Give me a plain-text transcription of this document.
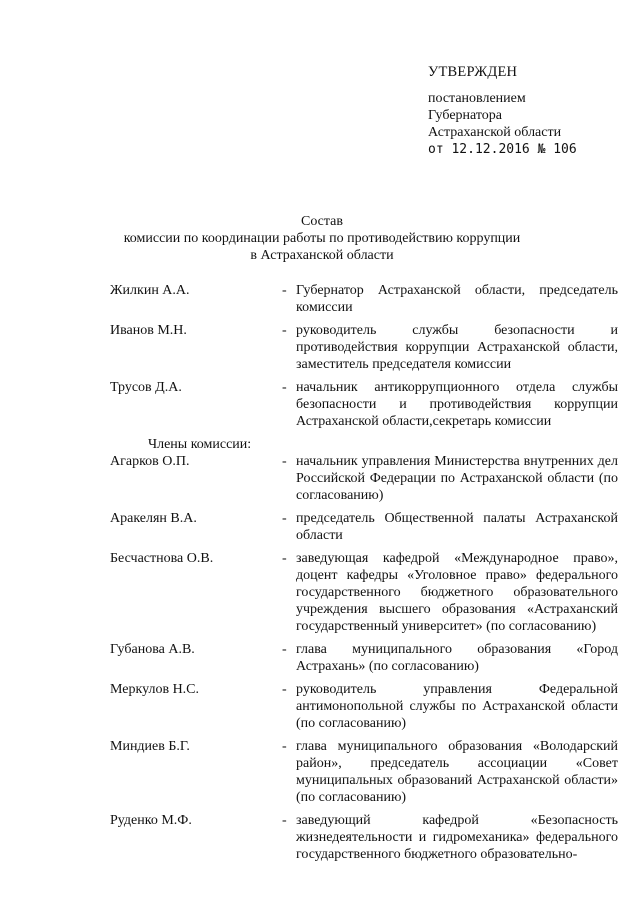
УТВЕРЖДЕН
постановлением
Губернатора
Астраханской области
от 12.12.2016 № 106
Состав
комиссии по координации работы по противодействию коррупции
в Астраханской области
Жилкин А.А.	- Губернатор Астраханской области, председатель комиссии
Иванов М.Н.	- руководитель службы безопасности и противодействия коррупции Астраханской области, заместитель председателя комиссии
Трусов Д.А.	- начальник антикоррупционного отдела службы безопасности и противодействия коррупции Астраханской области,секретарь комиссии
Члены комиссии:
Агарков О.П.	- начальник управления Министерства внутренних дел Российской Федерации по Астраханской области (по согласованию)
Аракелян В.А.	- председатель Общественной палаты Астраханской области
Бесчастнова О.В.	- заведующая кафедрой «Международное право», доцент кафедры «Уголовное право» федерального государственного бюджетного образовательного учреждения высшего образования «Астраханский государственный университет» (по согласованию)
Губанова А.В.	- глава муниципального образования «Город Астрахань» (по согласованию)
Меркулов Н.С.	- руководитель управления Федеральной антимонопольной службы по Астраханской области (по согласованию)
Миндиев Б.Г.	- глава муниципального образования «Володарский район», председатель ассоциации «Совет муниципальных образований Астраханской области» (по согласованию)
Руденко М.Ф.	- заведующий кафедрой «Безопасность жизнедеятельности и гидромеханика» федерального государственного бюджетного образовательно-
